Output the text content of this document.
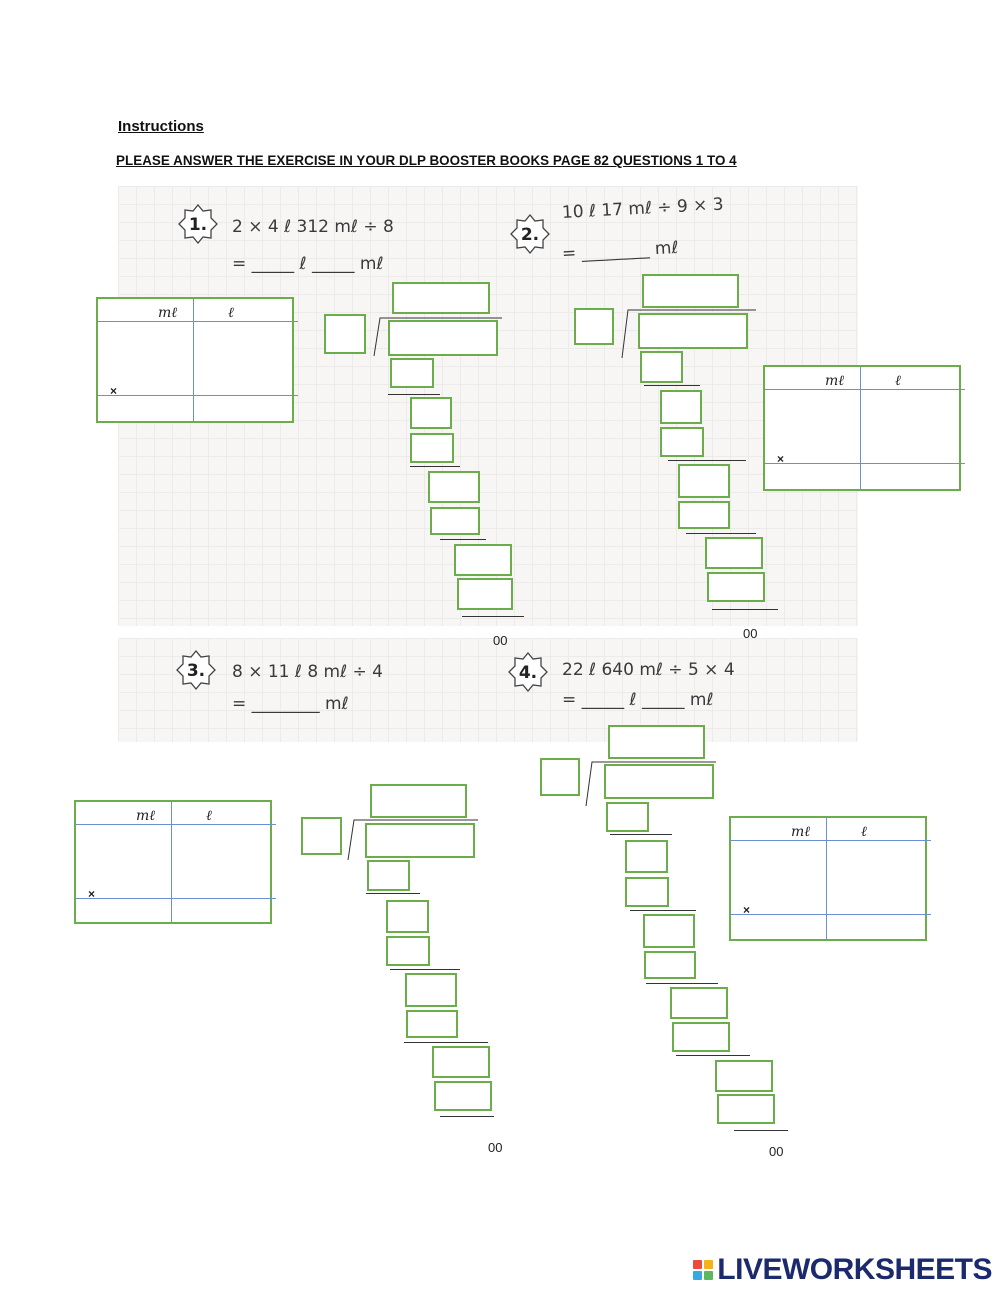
Instructions
PLEASE ANSWER THE EXERCISE IN YOUR DLP BOOSTER BOOKS PAGE 82 QUESTIONS 1 TO 4
1. 2 × 4 ℓ 312 mℓ ÷ 8
= _____ ℓ _____ mℓ
2.
10 ℓ 17 mℓ ÷ 9 × 3
= ________ mℓ
3. 8 × 11 ℓ 8 mℓ ÷ 4
= ________ mℓ
4. 22 ℓ 640 mℓ ÷ 5 × 4
= _____ ℓ _____ mℓ
mℓ	ℓ
×
mℓ	ℓ
×
mℓ	ℓ
×
mℓ	ℓ
×
00	00
00	00
LIVEWORKSHEETS
